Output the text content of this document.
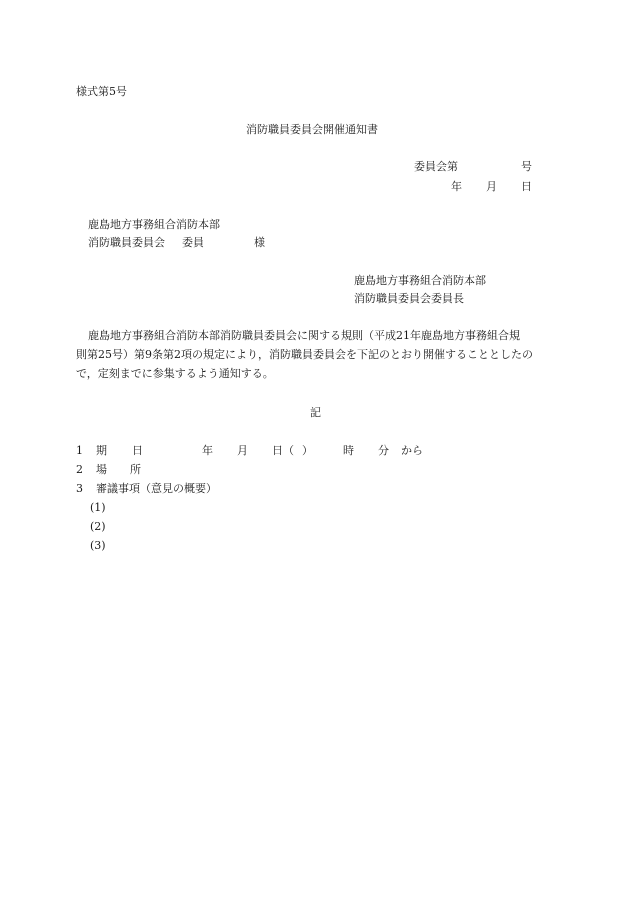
様式第5号
消防職員委員会開催通知書
委員会第	号
年 月 日
鹿島地方事務組合消防本部
消防職員委員会 委員	様
鹿島地方事務組合消防本部
消防職員委員会委員長
鹿島地方事務組合消防本部消防職員委員会に関する規則（平成21年鹿島地方事務組合規
則第25号）第9条第2項の規定により，消防職員委員会を下記のとおり開催することとしたの
で，定刻までに参集するよう通知する。
記
1 期 日	年 月 日（ ）	時 分 から
2 場 所
3 審議事項（意見の概要）
(1)
(2)
(3)
